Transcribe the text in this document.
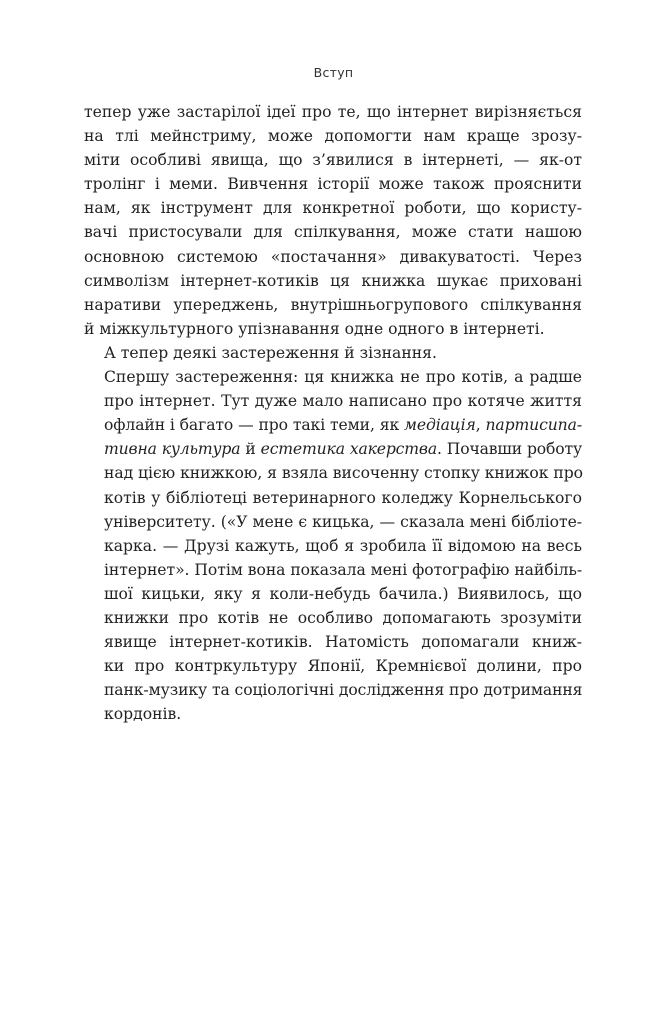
Вступ

тепер уже застарілої ідеї про те, що інтернет вирізняється
на тлі мейнстриму, може допомогти нам краще зрозу-
міти особливі явища, що з’явилися в інтернеті, — як-от
тролінг і меми. Вивчення історії може також прояснити
нам, як інструмент для конкретної роботи, що користу-
вачі пристосували для спілкування, може стати нашою
основною системою «постачання» дивакуватості. Через
символізм інтернет-котиків ця книжка шукає приховані
наративи упереджень, внутрішньогрупового спілкування
й міжкультурного упізнавання одне одного в інтернеті.

А тепер деякі застереження й зізнання.

Спершу застереження: ця книжка не про котів, а радше
про інтернет. Тут дуже мало написано про котяче життя
офлайн і багато — про такі теми, як медіація, партисипа-
тивна культура й естетика хакерства. Почавши роботу
над цією книжкою, я взяла височенну стопку книжок про
котів у бібліотеці ветеринарного коледжу Корнельського
університету. («У мене є кицька, — сказала мені бібліоте-
карка. — Друзі кажуть, щоб я зробила її відомою на весь
інтернет». Потім вона показала мені фотографію найбіль-
шої кицьки, яку я коли-небудь бачила.) Виявилось, що
книжки про котів не особливо допомагають зрозуміти
явище інтернет-котиків. Натомість допомагали книж-
ки про контркультуру Японії, Кремнієвої долини, про
панк-музику та соціологічні дослідження про дотримання
кордонів.
